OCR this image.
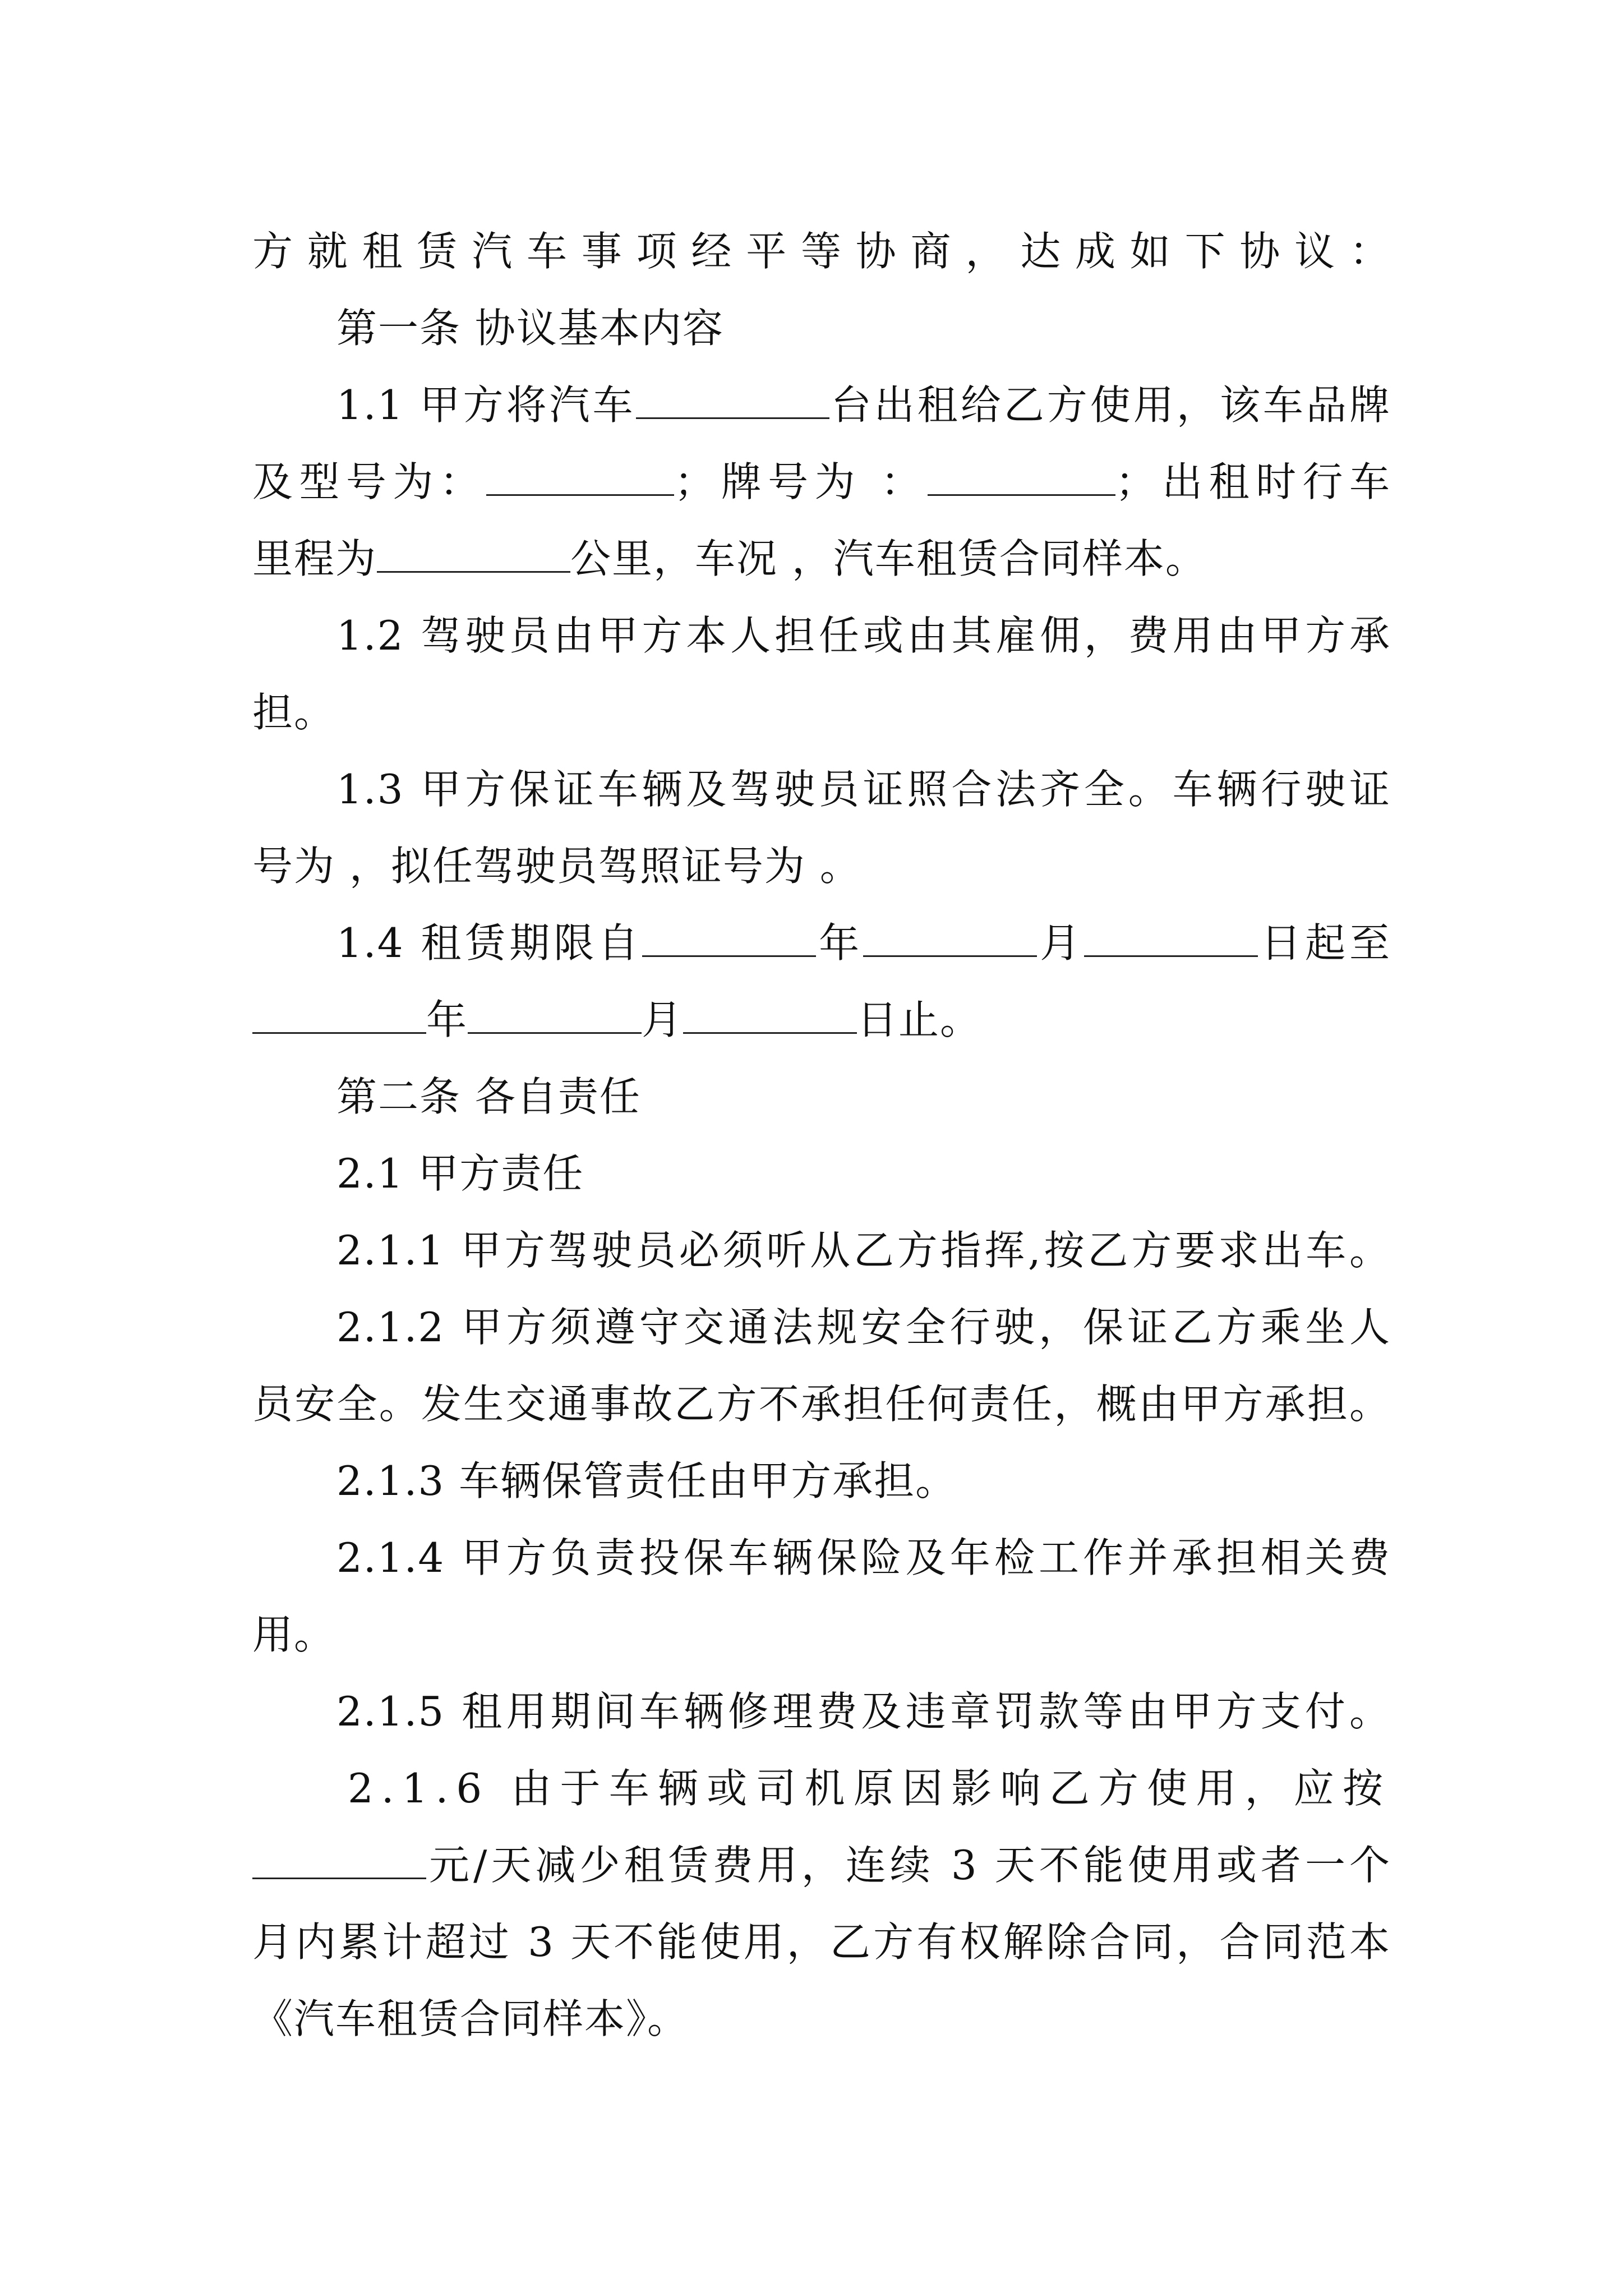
方就租赁汽车事项经平等协商，达成如下协议：
第一条 协议基本内容
1.1 甲方将汽车	台出租给乙方使用，该车品牌
及型号为：	；牌号为 ：	；出租时行车
里程为	公里，车况 ，汽车租赁合同样本。
1.2 驾驶员由甲方本人担任或由其雇佣，费用由甲方承
担。
1.3 甲方保证车辆及驾驶员证照合法齐全。车辆行驶证
号为 ，拟任驾驶员驾照证号为 。
1.4 租赁期限自	年	月	日起至
年	月	日止。
第二条 各自责任
2.1 甲方责任
2.1.1 甲方驾驶员必须听从乙方指挥,按乙方要求出车。
2.1.2 甲方须遵守交通法规安全行驶，保证乙方乘坐人
员安全。发生交通事故乙方不承担任何责任，概由甲方承担。
2.1.3 车辆保管责任由甲方承担。
2.1.4 甲方负责投保车辆保险及年检工作并承担相关费
用。
2.1.5 租用期间车辆修理费及违章罚款等由甲方支付。
2.1.6 由于车辆或司机原因影响乙方使用，应按
元/天减少租赁费用，连续 3 天不能使用或者一个
月内累计超过 3 天不能使用，乙方有权解除合同，合同范本
《汽车租赁合同样本》。
